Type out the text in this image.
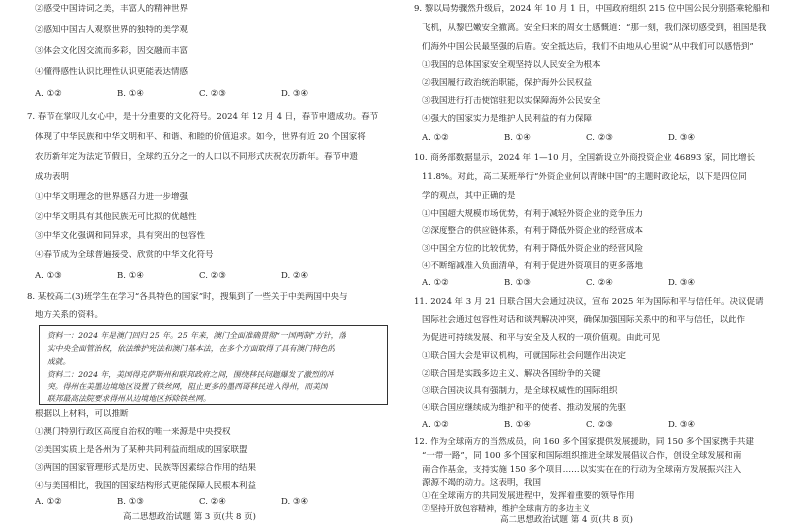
②感受中国诗词之美，丰富人的精神世界
②感知中国古人观察世界的独特的美学观
③体会文化因交流而多彩，因交融而丰富
④懂得感性认识比理性认识更能表达情感
A. ①②	B. ①④	C. ②③	D. ③④
7. 春节在掌叹儿女心中，是十分重要的文化符号。2024 年 12 月 4 日，春节申遗成功。春节
体现了中华民族和中华文明和平、和谐、和睦的价值追求。如今，世界有近 20 个国家将
农历新年定为法定节假日，全球约五分之一的人口以不同形式庆祝农历新年。春节申遗
成功表明
①中华文明理念的世界感召力进一步增强
②中华文明具有其他民族无可比拟的优越性
③中华文化强调和同异求，具有突出的包容性
④春节成为全球普遍接受、欣赏的中华文化符号
A. ①③	B. ①④	C. ②③	D. ②④
8. 某校高二(3)班学生在学习“各具特色的国家”时，搜集到了一些关于中美两国中央与
地方关系的资料。
资料一：2024 年是澳门回归 25 年。25 年来，澳门全面准确贯彻“一国两制”方针，落
实中央全面管治权，依法维护宪法和澳门基本法，在多个方面取得了具有澳门特色的
成就。
资料二：2024 年，美国得克萨斯州和联邦政府之间，围绕移民问题爆发了激烈的冲
突。得州在美墨边境地区设置了铁丝网，阻止更多的墨西哥移民进入得州，而美国
联邦最高法院要求得州从边境地区拆除铁丝网。
根据以上材料，可以推断
①澳门特别行政区高度自治权的唯一来源是中央授权
②美国实质上是各州为了某种共同利益而组成的国家联盟
③两国的国家管理形式是历史、民族等因素综合作用的结果
④与美国相比，我国的国家结构形式更能保障人民根本利益
A. ①②	B. ①③	C. ②④	D. ③④
高二思想政治试题 第 3 页(共 8 页)
9. 黎以局势骤然升级后，2024 年 10 月 1 日，中国政府组织 215 位中国公民分别搭乘轮船和
飞机，从黎巴嫩安全撤离。安全归来的周女士感慨道：“那一刻，我们深切感受到，祖国是我
们海外中国公民最坚强的后盾。安全抵达后，我们不由地从心里说“从中我们可以感悟到”
①我国的总体国家安全观坚持以人民安全为根本
②我国履行政治统治职能，保护海外公民权益
③我国进行打击使馆驻犯以实保障海外公民安全
④强大的国家实力是维护人民利益的有力保障
A. ①②	B. ①④	C. ②③	D. ③④
10. 商务部数据显示，2024 年 1—10 月，全国新设立外商投资企业 46893 家，同比增长
11.8%。对此，高二某班举行“外资企业何以青睐中国”的主题时政论坛，以下是四位同
学的观点，其中正确的是
①中国超大规模市场优势，有利于减轻外资企业的竞争压力
②深度整合的供应链体系，有利于降低外资企业的经营成本
③中国全方位的比较优势，有利于降低外资企业的经营风险
④不断缩减准入负面清单，有利于促进外资项目的更多落地
A. ①②	B. ①③	C. ②④	D. ③④
11. 2024 年 3 月 21 日联合国大会通过决议，宣布 2025 年为国际和平与信任年。决议促请
国际社会通过包容性对话和谈判解决冲突，确保加强国际关系中的和平与信任，以此作
为促进可持续发展、和平与安全及人权的一项价值观。由此可见
①联合国大会是审议机构，可就国际社会问题作出决定
②联合国是实践多边主义、解决各国纷争的关键
③联合国决议具有强制力，是全球权威性的国际组织
④联合国应继续成为维护和平的使者、推动发展的先驱
A. ①②	B. ①④	C. ②③	D. ③④
12. 作为全球南方的当然成员，向 160 多个国家提供发展援助，同 150 多个国家携手共建
“一带一路”，同 100 多个国家和国际组织推进全球发展倡议合作，创设全球发展和南
南合作基金，支持实施 150 多个项目……以实实在在的行动为全球南方发展振兴注入
源源不竭的动力。这表明，我国
①在全球南方的共同发展进程中，发挥着重要的领导作用
②坚持开放包容精神，维护全球南方的多边主义
高二思想政治试题 第 4 页(共 8 页)
